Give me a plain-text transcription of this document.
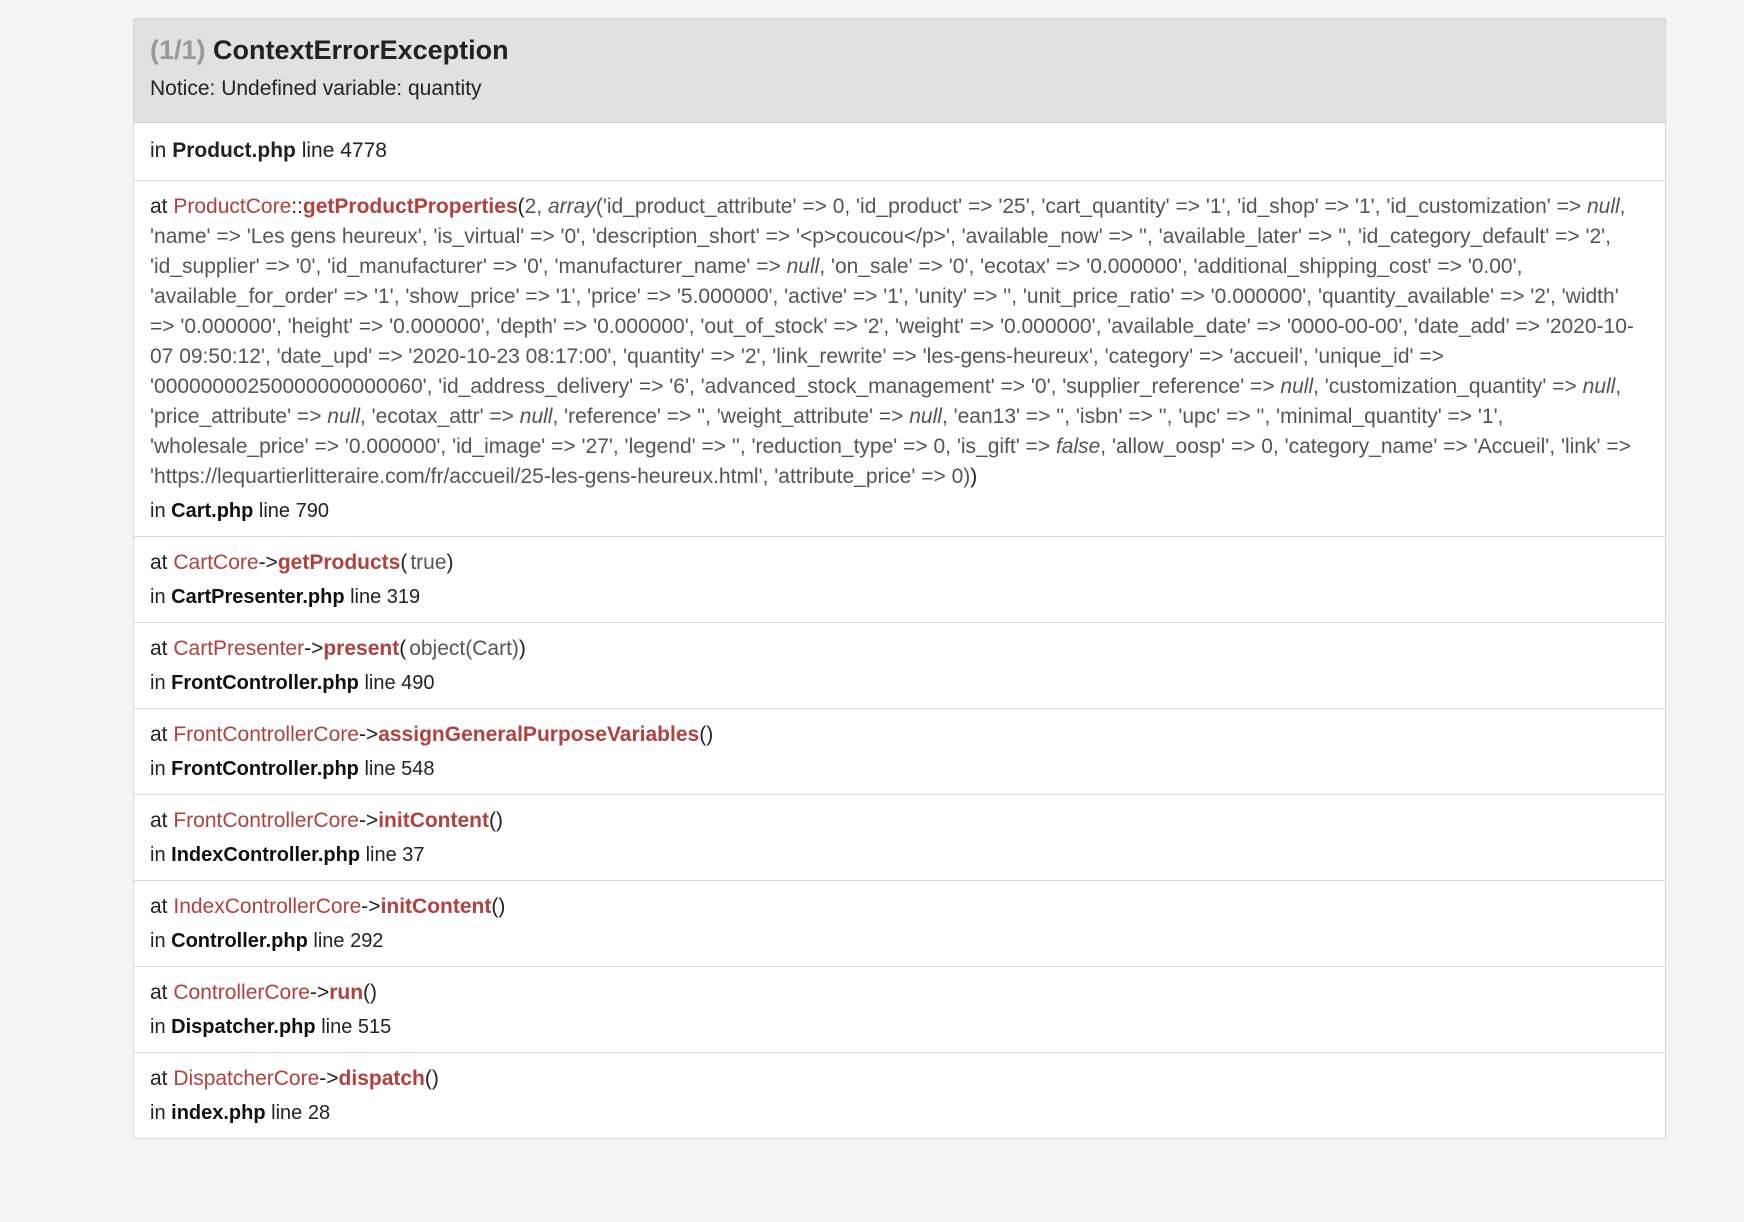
(1/1) ContextErrorException
Notice: Undefined variable: quantity
in Product.php line 4778
at ProductCore::getProductProperties(2, array('id_product_attribute' => 0, 'id_product' => '25', 'cart_quantity' => '1', 'id_shop' => '1', 'id_customization' => null, 'name' => 'Les gens heureux', 'is_virtual' => '0', 'description_short' => '<p>coucou</p>', 'available_now' => '', 'available_later' => '', 'id_category_default' => '2', 'id_supplier' => '0', 'id_manufacturer' => '0', 'manufacturer_name' => null, 'on_sale' => '0', 'ecotax' => '0.000000', 'additional_shipping_cost' => '0.00', 'available_for_order' => '1', 'show_price' => '1', 'price' => '5.000000', 'active' => '1', 'unity' => '', 'unit_price_ratio' => '0.000000', 'quantity_available' => '2', 'width' => '0.000000', 'height' => '0.000000', 'depth' => '0.000000', 'out_of_stock' => '2', 'weight' => '0.000000', 'available_date' => '0000-00-00', 'date_add' => '2020-10-07 09:50:12', 'date_upd' => '2020-10-23 08:17:00', 'quantity' => '2', 'link_rewrite' => 'les-gens-heureux', 'category' => 'accueil', 'unique_id' => '00000000250000000000060', 'id_address_delivery' => '6', 'advanced_stock_management' => '0', 'supplier_reference' => null, 'customization_quantity' => null, 'price_attribute' => null, 'ecotax_attr' => null, 'reference' => '', 'weight_attribute' => null, 'ean13' => '', 'isbn' => '', 'upc' => '', 'minimal_quantity' => '1', 'wholesale_price' => '0.000000', 'id_image' => '27', 'legend' => '', 'reduction_type' => 0, 'is_gift' => false, 'allow_oosp' => 0, 'category_name' => 'Accueil', 'link' => 'https://lequartierlitteraire.com/fr/accueil/25-les-gens-heureux.html', 'attribute_price' => 0))
in Cart.php line 790
at CartCore->getProducts( true)
in CartPresenter.php line 319
at CartPresenter->present( object(Cart))
in FrontController.php line 490
at FrontControllerCore->assignGeneralPurposeVariables()
in FrontController.php line 548
at FrontControllerCore->initContent()
in IndexController.php line 37
at IndexControllerCore->initContent()
in Controller.php line 292
at ControllerCore->run()
in Dispatcher.php line 515
at DispatcherCore->dispatch()
in index.php line 28
